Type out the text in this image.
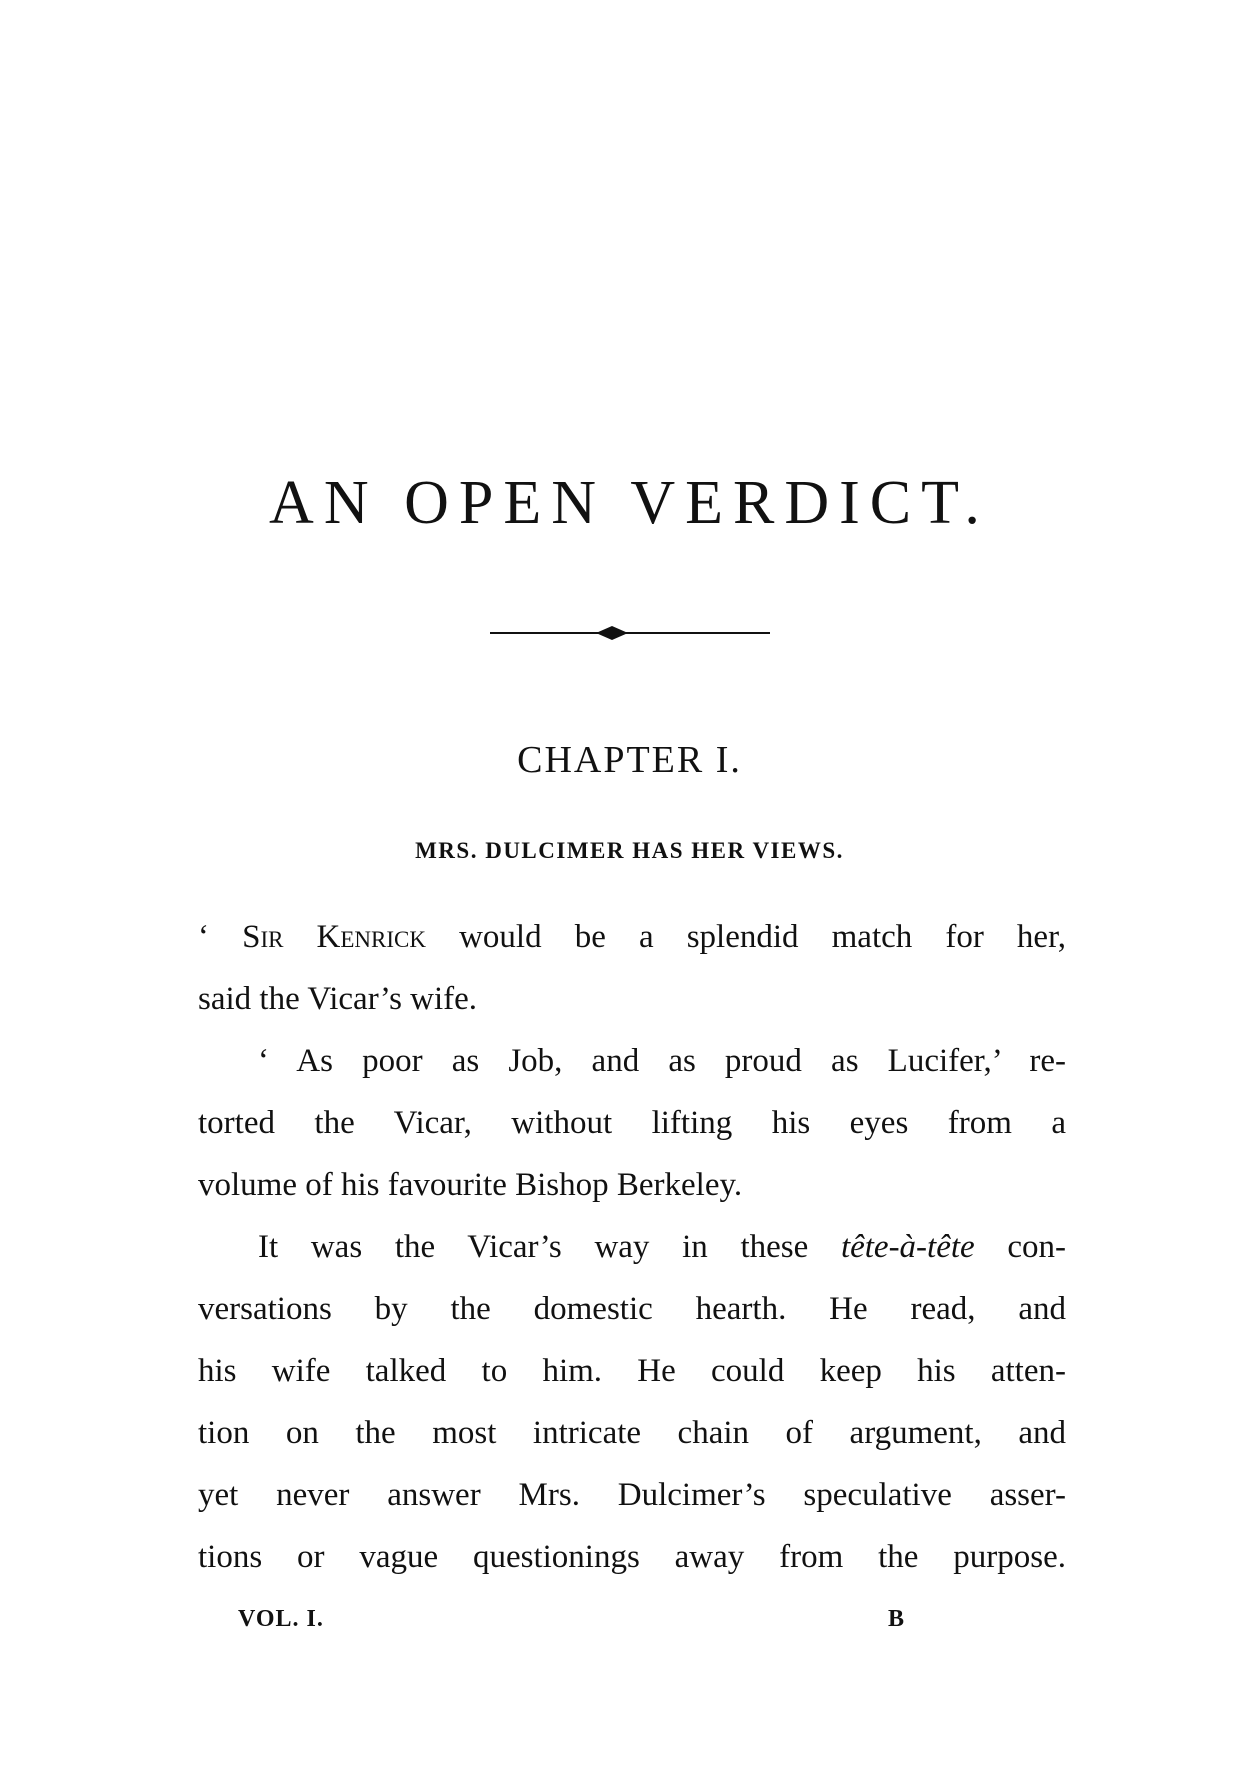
AN OPEN VERDICT.
CHAPTER I.
MRS. DULCIMER HAS HER VIEWS.
‘ Sir Kenrick would be a splendid match for her,
said the Vicar’s wife.
‘ As poor as Job, and as proud as Lucifer,’ re-
torted the Vicar, without lifting his eyes from a
volume of his favourite Bishop Berkeley.
It was the Vicar’s way in these tête-à-tête con-
versations by the domestic hearth. He read, and
his wife talked to him. He could keep his atten-
tion on the most intricate chain of argument, and
yet never answer Mrs. Dulcimer’s speculative asser-
tions or vague questionings away from the purpose.
VOL. I.	B
